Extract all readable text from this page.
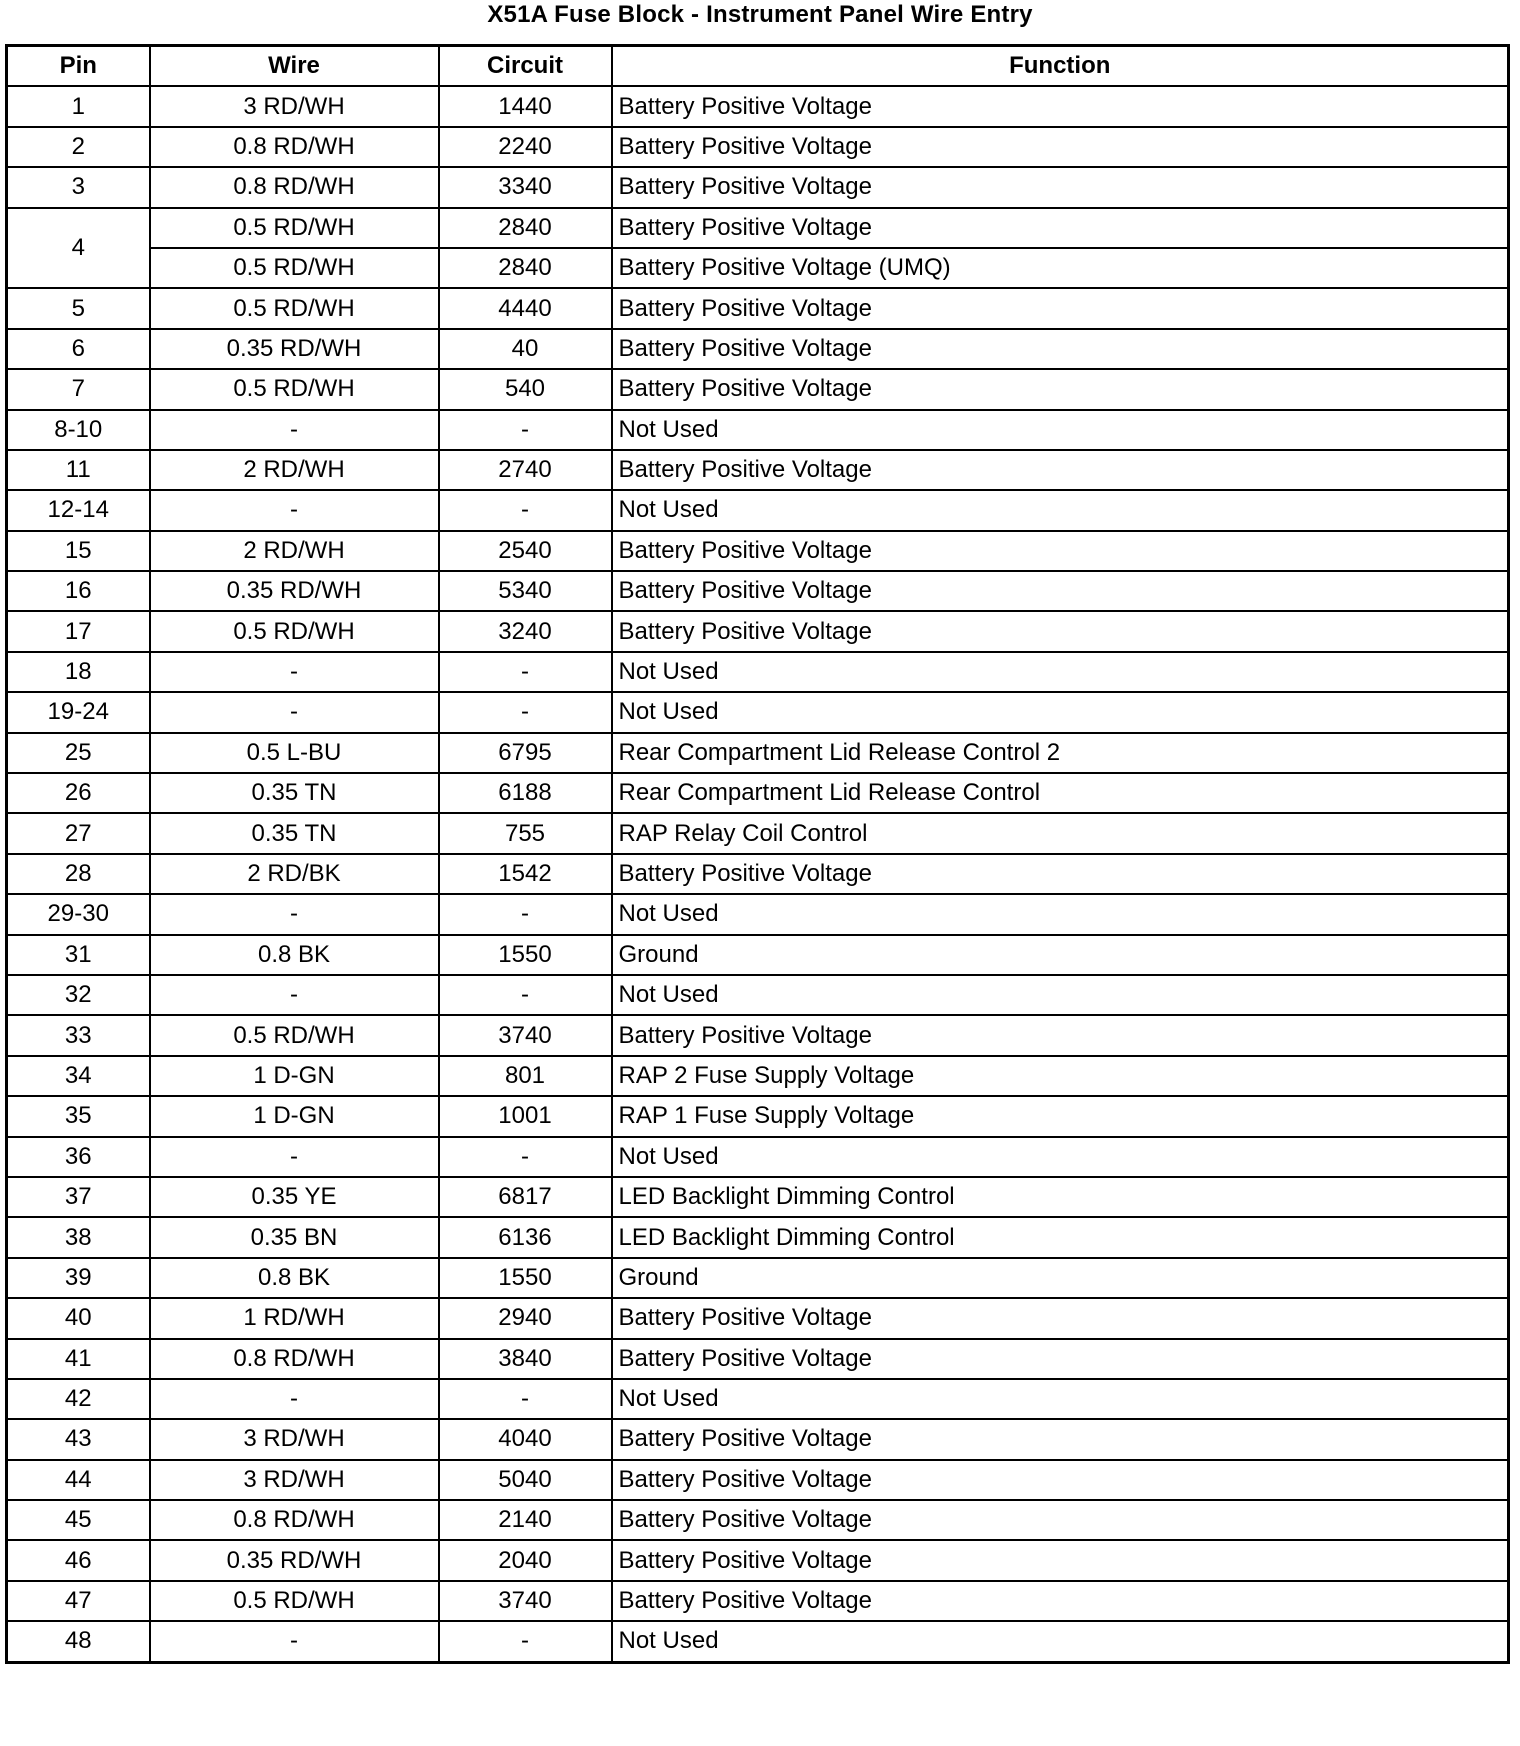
X51A Fuse Block - Instrument Panel Wire Entry
Pin	Wire	Circuit	Function
1	3 RD/WH	1440	Battery Positive Voltage
2	0.8 RD/WH	2240	Battery Positive Voltage
3	0.8 RD/WH	3340	Battery Positive Voltage
4	0.5 RD/WH	2840	Battery Positive Voltage
	0.5 RD/WH	2840	Battery Positive Voltage (UMQ)
5	0.5 RD/WH	4440	Battery Positive Voltage
6	0.35 RD/WH	40	Battery Positive Voltage
7	0.5 RD/WH	540	Battery Positive Voltage
8-10	-	-	Not Used
11	2 RD/WH	2740	Battery Positive Voltage
12-14	-	-	Not Used
15	2 RD/WH	2540	Battery Positive Voltage
16	0.35 RD/WH	5340	Battery Positive Voltage
17	0.5 RD/WH	3240	Battery Positive Voltage
18	-	-	Not Used
19-24	-	-	Not Used
25	0.5 L-BU	6795	Rear Compartment Lid Release Control 2
26	0.35 TN	6188	Rear Compartment Lid Release Control
27	0.35 TN	755	RAP Relay Coil Control
28	2 RD/BK	1542	Battery Positive Voltage
29-30	-	-	Not Used
31	0.8 BK	1550	Ground
32	-	-	Not Used
33	0.5 RD/WH	3740	Battery Positive Voltage
34	1 D-GN	801	RAP 2 Fuse Supply Voltage
35	1 D-GN	1001	RAP 1 Fuse Supply Voltage
36	-	-	Not Used
37	0.35 YE	6817	LED Backlight Dimming Control
38	0.35 BN	6136	LED Backlight Dimming Control
39	0.8 BK	1550	Ground
40	1 RD/WH	2940	Battery Positive Voltage
41	0.8 RD/WH	3840	Battery Positive Voltage
42	-	-	Not Used
43	3 RD/WH	4040	Battery Positive Voltage
44	3 RD/WH	5040	Battery Positive Voltage
45	0.8 RD/WH	2140	Battery Positive Voltage
46	0.35 RD/WH	2040	Battery Positive Voltage
47	0.5 RD/WH	3740	Battery Positive Voltage
48	-	-	Not Used
